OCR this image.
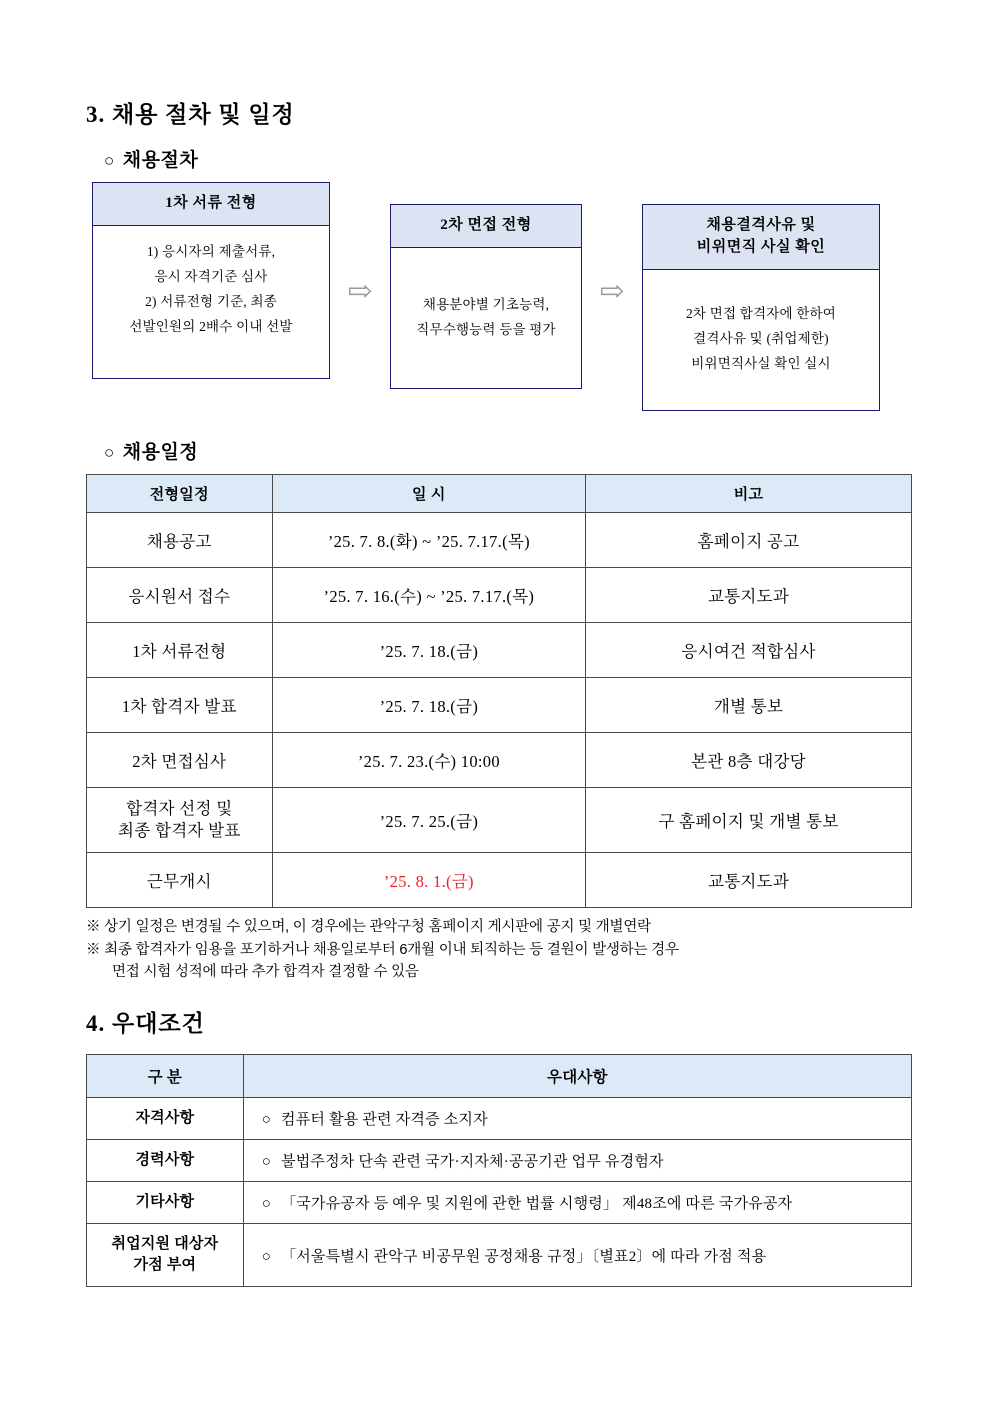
3. 채용 절차 및 일정
○ 채용절차
1차 서류 전형
1) 응시자의 제출서류,
응시 자격기준 심사
2) 서류전형 기준, 최종
선발인원의 2배수 이내 선발
⇨
2차 면접 전형
채용분야별 기초능력,
직무수행능력 등을 평가
⇨
채용결격사유 및
비위면직 사실 확인
2차 면접 합격자에 한하여
결격사유 및 (취업제한)
비위면직사실 확인 실시
○ 채용일정
전형일정	일 시	비고
채용공고	’25. 7. 8.(화) ~ ’25. 7.17.(목)	홈페이지 공고
응시원서 접수	’25. 7. 16.(수) ~ ’25. 7.17.(목)	교통지도과
1차 서류전형	’25. 7. 18.(금)	응시여건 적합심사
1차 합격자 발표	’25. 7. 18.(금)	개별 통보
2차 면접심사	’25. 7. 23.(수) 10:00	본관 8층 대강당
합격자 선정 및
최종 합격자 발표	’25. 7. 25.(금)	구 홈페이지 및 개별 통보
근무개시	’25. 8. 1.(금)	교통지도과
※ 상기 일정은 변경될 수 있으며, 이 경우에는 관악구청 홈페이지 게시판에 공지 및 개별연락
※ 최종 합격자가 임용을 포기하거나 채용일로부터 6개월 이내 퇴직하는 등 결원이 발생하는 경우
면접 시험 성적에 따라 추가 합격자 결정할 수 있음
4. 우대조건
구 분	우대사항
자격사항	○ 컴퓨터 활용 관련 자격증 소지자
경력사항	○ 불법주정차 단속 관련 국가·지자체·공공기관 업무 유경험자
기타사항	○ 「국가유공자 등 예우 및 지원에 관한 법률 시행령」 제48조에 따른 국가유공자
취업지원 대상자
가점 부여	○ 「서울특별시 관악구 비공무원 공정채용 규정」〔별표2〕에 따라 가점 적용
